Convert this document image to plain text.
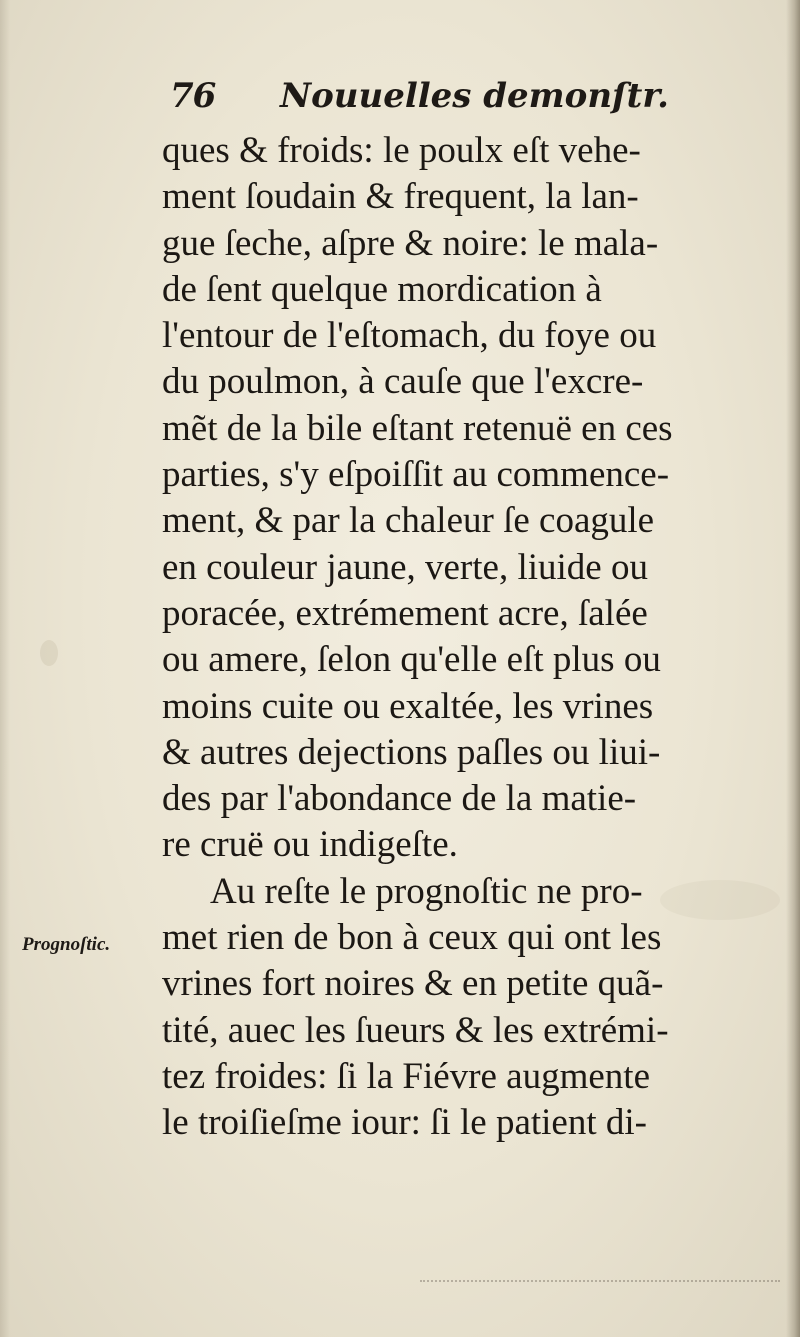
76 Nouuelles demonſtr.
Prognoſtic.
ques & froids: le poulx eſt vehe-
ment ſoudain & frequent, la lan-
gue ſeche, aſpre & noire: le mala-
de ſent quelque mordication à
l'entour de l'eſtomach, du foye ou
du poulmon, à cauſe que l'excre-
mẽt de la bile eſtant retenuë en ces
parties, s'y eſpoiſſit au commence-
ment, & par la chaleur ſe coagule
en couleur jaune, verte, liuide ou
poracée, extrémement acre, ſalée
ou amere, ſelon qu'elle eſt plus ou
moins cuite ou exaltée, les vrines
& autres dejections paſles ou liui-
des par l'abondance de la matie-
re cruë ou indigeſte.
Au reſte le prognoſtic ne pro-
met rien de bon à ceux qui ont les
vrines fort noires & en petite quã-
tité, auec les ſueurs & les extrémi-
tez froides: ſi la Fiévre augmente
le troiſieſme iour: ſi le patient di-
